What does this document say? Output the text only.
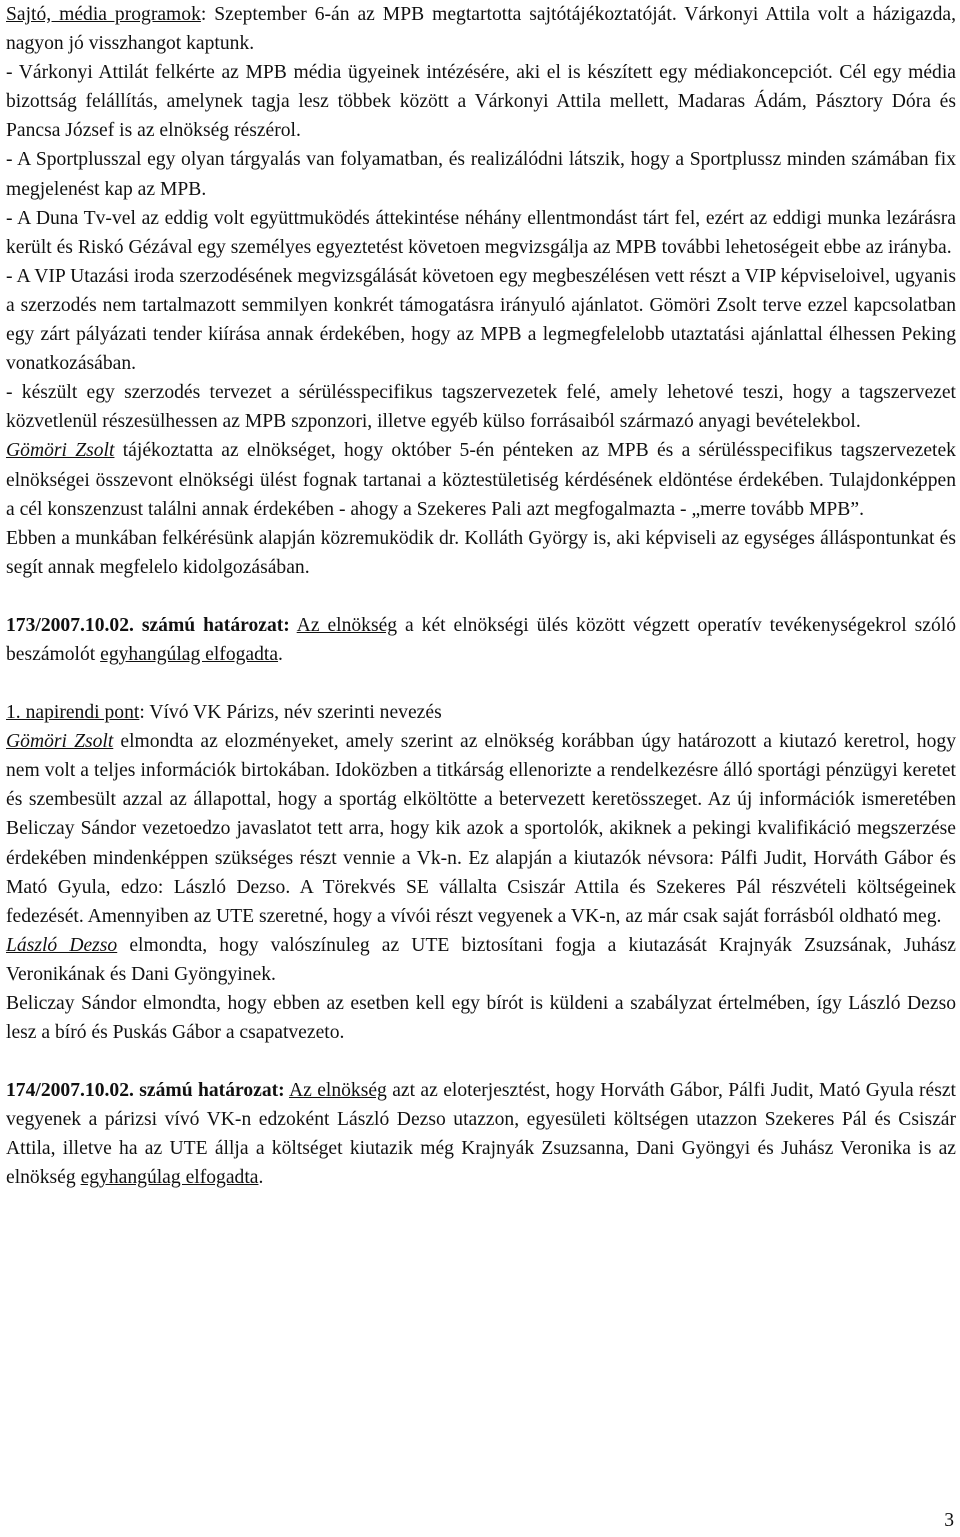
Sajtó, média programok: Szeptember 6-án az MPB megtartotta sajtótájékoztatóját. Várkonyi Attila volt a házigazda, nagyon jó visszhangot kaptunk.

- Várkonyi Attilát felkérte az MPB média ügyeinek intézésére, aki el is készített egy médiakoncepciót. Cél egy média bizottság felállítás, amelynek tagja lesz többek között a Várkonyi Attila mellett, Madaras Ádám, Pásztory Dóra és Pancsa József is az elnökség részérol.

- A Sportplusszal egy olyan tárgyalás van folyamatban, és realizálódni látszik, hogy a Sportplussz minden számában fix megjelenést kap az MPB.

- A Duna Tv-vel az eddig volt együttmuködés áttekintése néhány ellentmondást tárt fel, ezért az eddigi munka lezárásra került és Riskó Gézával egy személyes egyeztetést követoen megvizsgálja az MPB további lehetoségeit ebbe az irányba.

- A VIP Utazási iroda szerzodésének megvizsgálását követoen egy megbeszélésen vett részt a VIP képviseloivel, ugyanis a szerzodés nem tartalmazott semmilyen konkrét támogatásra irányuló ajánlatot. Gömöri Zsolt terve ezzel kapcsolatban egy zárt pályázati tender kiírása annak érdekében, hogy az MPB a legmegfelelobb utaztatási ajánlattal élhessen Peking vonatkozásában.

- készült egy szerzodés tervezet a sérülésspecifikus tagszervezetek felé, amely lehetové teszi, hogy a tagszervezet közvetlenül részesülhessen az MPB szponzori, illetve egyéb külso forrásaiból származó anyagi bevételekbol.

Gömöri Zsolt tájékoztatta az elnökséget, hogy október 5-én pénteken az MPB és a sérülésspecifikus tagszervezetek elnökségei összevont elnökségi ülést fognak tartanai a köztestületiség kérdésének eldöntése érdekében. Tulajdonképpen a cél konszenzust találni annak érdekében - ahogy a Szekeres Pali azt megfogalmazta - „merre tovább MPB”.

Ebben a munkában felkérésünk alapján közremuködik dr. Kolláth György is, aki képviseli az egységes álláspontunkat és segít annak megfelelo kidolgozásában.

173/2007.10.02. számú határozat: Az elnökség a két elnökségi ülés között végzett operatív tevékenységekrol szóló beszámolót egyhangúlag elfogadta.

1. napirendi pont: Vívó VK Párizs, név szerinti nevezés

Gömöri Zsolt elmondta az elozményeket, amely szerint az elnökség korábban úgy határozott a kiutazó keretrol, hogy nem volt a teljes információk birtokában. Idoközben a titkárság ellenorizte a rendelkezésre álló sportági pénzügyi keretet és szembesült azzal az állapottal, hogy a sportág elköltötte a betervezett keretösszeget. Az új információk ismeretében Beliczay Sándor vezetoedzo javaslatot tett arra, hogy kik azok a sportolók, akiknek a pekingi kvalifikáció megszerzése érdekében mindenképpen szükséges részt vennie a Vk-n. Ez alapján a kiutazók névsora: Pálfi Judit, Horváth Gábor és Mató Gyula, edzo: László Dezso. A Törekvés SE vállalta Csiszár Attila és Szekeres Pál részvételi költségeinek fedezését. Amennyiben az UTE szeretné, hogy a vívói részt vegyenek a VK-n, az már csak saját forrásból oldható meg.

László Dezso elmondta, hogy valószínuleg az UTE biztosítani fogja a kiutazását Krajnyák Zsuzsának, Juhász Veronikának és Dani Gyöngyinek.

Beliczay Sándor elmondta, hogy ebben az esetben kell egy bírót is küldeni a szabályzat értelmében, így László Dezso lesz a bíró és Puskás Gábor a csapatvezeto.

174/2007.10.02. számú határozat: Az elnökség azt az eloterjesztést, hogy Horváth Gábor, Pálfi Judit, Mató Gyula részt vegyenek a párizsi vívó VK-n edzoként László Dezso utazzon, egyesületi költségen utazzon Szekeres Pál és Csiszár Attila, illetve ha az UTE állja a költséget kiutazik még Krajnyák Zsuzsanna, Dani Gyöngyi és Juhász Veronika is az elnökség egyhangúlag elfogadta.

3
